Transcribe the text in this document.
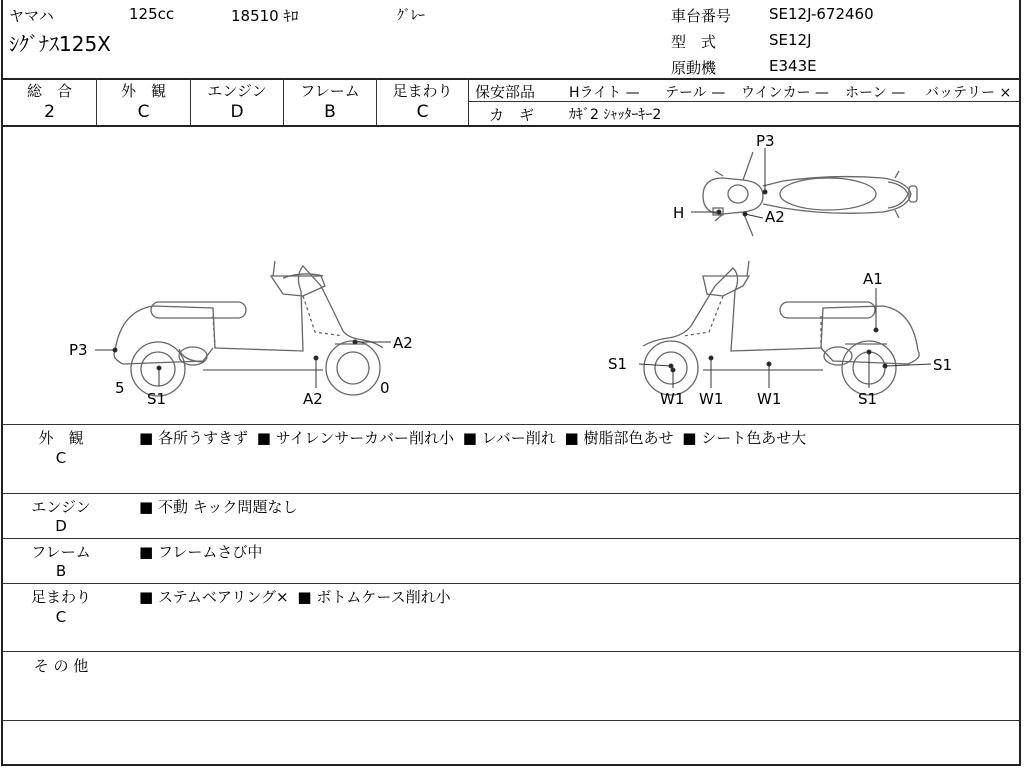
ヤマハ	125cc	18510 ｷﾛ	ｸﾞﾚｰ
ｼｸﾞﾅｽ125X
車台番号	SE12J-672460
型　式	SE12J
原動機	E343E
総　合
2
外　観
C
エンジン
D
フレーム
B
足まわり
C
保安部品 Hライト — テール — ウインカー — ホーン — バッテリー ×
カ　ギ ｶｷﾞ2 ｼｬｯﾀｰｷｰ2
P3
H	A2
P3
5
S1
A2
A2
0
A1
S1	S1
W1 W1 W1	S1
外　観
C
■ 各所うすきず ■ サイレンサーカバー削れ小 ■ レバー削れ ■ 樹脂部色あせ ■ シート色あせ大
エンジン
D
■ 不動 キック問題なし
フレーム
B
■ フレームさび中
足まわり
C
■ ステムベアリング× ■ ボトムケース削れ小
そ の 他
